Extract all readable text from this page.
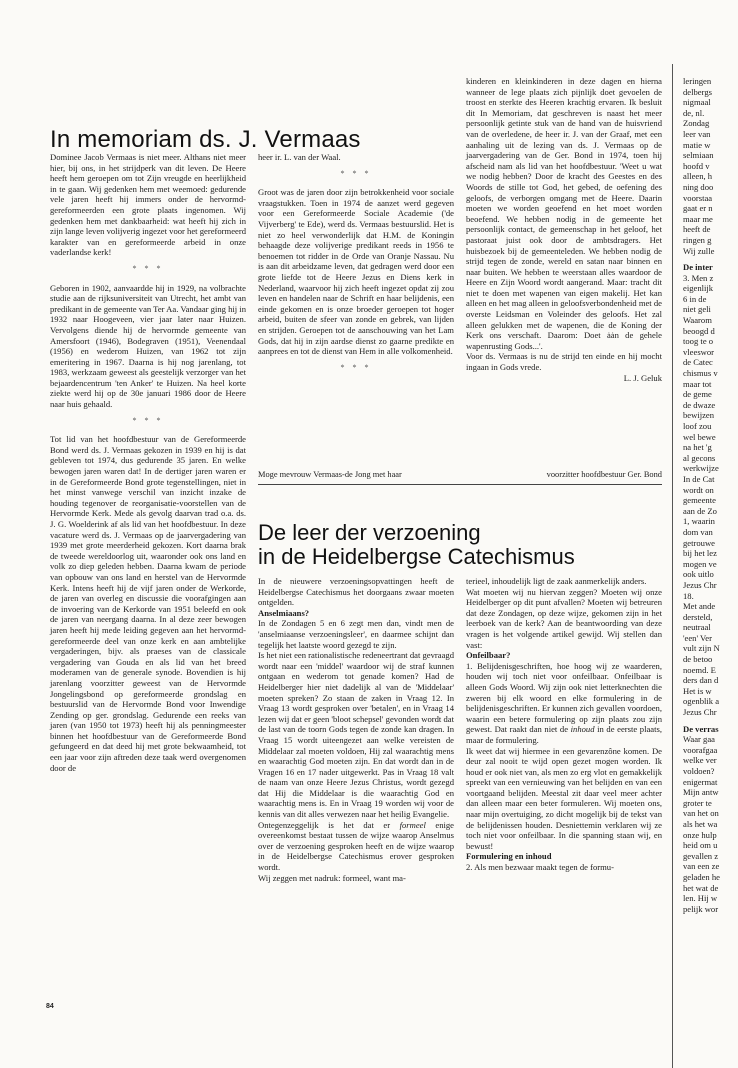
In memoriam ds. J. Vermaas

Dominee Jacob Vermaas is niet meer. Althans niet meer hier, bij ons, in het strijdperk van dit leven. De Heere heeft hem geroepen om tot Zijn vreugde en heerlijkheid in te gaan. Wij gedenken hem met weemoed: gedurende vele jaren heeft hij immers onder de hervormd-gereformeerden een grote plaats ingenomen. Wij gedenken hem met dankbaarheid: wat heeft hij zich in zijn lange leven volijverig ingezet voor het gereformeerd karakter van en gereformeerde arbeid in onze vaderlandse kerk!

* * *

Geboren in 1902, aanvaardde hij in 1929, na volbrachte studie aan de rijksuniversiteit van Utrecht, het ambt van predikant in de gemeente van Ter Aa. Vandaar ging hij in 1932 naar Hoogeveen, vier jaar later naar Huizen. Vervolgens diende hij de hervormde gemeente van Amersfoort (1946), Bodegraven (1951), Veenendaal (1956) en wederom Huizen, van 1962 tot zijn emeritering in 1967. Daarna is hij nog jarenlang, tot 1983, werkzaam geweest als geestelijk verzorger van het bejaardencentrum 'ten Anker' te Huizen. Na heel korte ziekte werd hij op de 30e januari 1986 door de Heere naar huis gehaald.

* * *

Tot lid van het hoofdbestuur van de Gereformeerde Bond werd ds. J. Vermaas gekozen in 1939 en hij is dat gebleven tot 1974, dus gedurende 35 jaren. En welke bewogen jaren waren dat! In de dertiger jaren waren er in de Gereformeerde Bond grote tegenstellingen, niet in het minst vanwege verschil van inzicht inzake de houding tegenover de reorganisatie-voorstellen van de Hervormde Kerk. Mede als gevolg daarvan trad o.a. ds. J. G. Woelderink af als lid van het hoofdbestuur. In deze vacature werd ds. J. Vermaas op de jaarvergadering van 1939 met grote meerderheid gekozen. Kort daarna brak de tweede wereldoorlog uit, waaronder ook ons land en volk zo diep geleden hebben. Daarna kwam de periode van opbouw van ons land en herstel van de Hervormde Kerk. Intens heeft hij de vijf jaren onder de Werkorde, de jaren van overleg en discussie die voorafgingen aan de invoering van de Kerkorde van 1951 beleefd en ook de jaren van neergang daarna. In al deze zeer bewogen jaren heeft hij mede leiding gegeven aan het hervormd-gereformeerde deel van onze kerk en aan ambtelijke vergaderingen, bijv. als praeses van de classicale vergadering van Gouda en als lid van het breed moderamen van de generale synode. Bovendien is hij jarenlang voorzitter geweest van de Hervormde Jongelingsbond op gereformeerde grondslag en bestuurslid van de Hervormde Bond voor Inwendige Zending op ger. grondslag. Gedurende een reeks van jaren (van 1950 tot 1973) heeft hij als penningmeester binnen het hoofdbestuur van de Gereformeerde Bond gefungeerd en dat deed hij met grote bekwaamheid, tot een jaar voor zijn aftreden deze taak werd overgenomen door de

heer ir. L. van der Waal.

* * *

Groot was de jaren door zijn betrokkenheid voor sociale vraagstukken. Toen in 1974 de aanzet werd gegeven voor een Gereformeerde Sociale Academie ('de Vijverberg' te Ede), werd ds. Vermaas bestuurslid. Het is niet zo heel verwonderlijk dat H.M. de Koningin behaagde deze volijverige predikant reeds in 1956 te benoemen tot ridder in de Orde van Oranje Nassau. Nu is aan dit arbeidzame leven, dat gedragen werd door een grote liefde tot de Heere Jezus en Diens kerk in Nederland, waarvoor hij zich heeft ingezet opdat zij zou leven en handelen naar de Schrift en haar belijdenis, een einde gekomen en is onze broeder geroepen tot hoger arbeid, buiten de sfeer van zonde en gebrek, van lijden en strijden. Geroepen tot de aanschouwing van het Lam Gods, dat hij in zijn aardse dienst zo gaarne predikte en aanprees en tot de dienst van Hem in alle volkomenheid.

* * *
Moge mevrouw Vermaas-de Jong met haar

kinderen en kleinkinderen in deze dagen en hierna wanneer de lege plaats zich pijnlijk doet gevoelen de troost en sterkte des Heeren krachtig ervaren. Ik besluit dit In Memoriam, dat geschreven is naast het meer persoonlijk getinte stuk van de hand van de huisvriend van de overledene, de heer ir. J. van der Graaf, met een aanhaling uit de lezing van ds. J. Vermaas op de jaarvergadering van de Ger. Bond in 1974, toen hij afscheid nam als lid van het hoofdbestuur. 'Weet u wat we nodig hebben? Door de kracht des Geestes en des Woords de stille tot God, het gebed, de oefening des geloofs, de verborgen omgang met de Heere. Daarin moeten we worden geoefend en het moet worden beoefend. We hebben nodig in de gemeente het persoonlijk contact, de gemeenschap in het geloof, het pastoraat juist ook door de ambtsdragers. Het huisbezoek bij de gemeenteleden. We hebben nodig de strijd tegen de zonde, wereld en satan naar binnen en naar buiten. We hebben te weerstaan alles waardoor de Heere en Zijn Woord wordt aangerand. Maar: tracht dit niet te doen met wapenen van eigen makelij. Het kan alleen en het mag alleen in geloofsverbondenheid met de overste Leidsman en Voleinder des geloofs. Het zal alleen gelukken met de wapenen, die de Koning der Kerk ons verschaft. Daarom: Doet ȧȧn de gehele wapenrusting Gods...'.

Voor ds. Vermaas is nu de strijd ten einde en hij mocht ingaan in Gods vrede.

L. J. Geluk

voorzitter hoofdbestuur Ger. Bond
De leer der verzoening
in de Heidelbergse Catechismus

In de nieuwere verzoeningsopvattingen heeft de Heidelbergse Catechismus het doorgaans zwaar moeten ontgelden.

Anselmiaans?

In de Zondagen 5 en 6 zegt men dan, vindt men de 'anselmiaanse verzoeningsleer', en daarmee schijnt dan tegelijk het laatste woord gezegd te zijn.

Is het niet een rationalistische redeneertrant dat gevraagd wordt naar een 'middel' waardoor wij de straf kunnen ontgaan en wederom tot genade komen? Had de Heidelberger hier niet dadelijk al van de 'Middelaar' moeten spreken? Zo staan de zaken in Vraag 12. In Vraag 13 wordt gesproken over 'betalen', en in Vraag 14 lezen wij dat er geen 'bloot schepsel' gevonden wordt dat de last van de toorn Gods tegen de zonde kan dragen. In Vraag 15 wordt uiteengezet aan welke vereisten de Middelaar zal moeten voldoen, Hij zal waarachtig mens en waarachtig God moeten zijn. En dat wordt dan in de Vragen 16 en 17 nader uitgewerkt. Pas in Vraag 18 valt de naam van onze Heere Jezus Christus, wordt gezegd dat Hij die Middelaar is die waarachtig God en waarachtig mens is. En in Vraag 19 worden wij voor de kennis van dit alles verwezen naar het heilig Evangelie.

Ontegenzeggelijk is het dat er formeel enige overeenkomst bestaat tussen de wijze waarop Anselmus over de verzoening gesproken heeft en de wijze waarop in de Heidelbergse Catechismus erover gesproken wordt.

Wij zeggen met nadruk: formeel, want ma-

terieel, inhoudelijk ligt de zaak aanmerkelijk anders.

Wat moeten wij nu hiervan zeggen? Moeten wij onze Heidelberger op dit punt afvallen? Moeten wij betreuren dat deze Zondagen, op deze wijze, gekomen zijn in het leerboek van de kerk? Aan de beantwoording van deze vragen is het volgende artikel gewijd. Wij stellen dan vast:

Onfeilbaar?

1. Belijdenisgeschriften, hoe hoog wij ze waarderen, houden wij toch niet voor onfeilbaar. Onfeilbaar is alleen Gods Woord. Wij zijn ook niet letterknechten die zweren bij elk woord en elke formulering in de belijdenisgeschriften. Er kunnen zich gevallen voordoen, waarin een betere formulering op zijn plaats zou zijn gewest. Dat raakt dan niet de inhoud in de eerste plaats, maar de formulering.

Ik weet dat wij hiermee in een gevarenzône komen. De deur zal nooit te wijd open gezet mogen worden. Ik houd er ook niet van, als men zo erg vlot en gemakkelijk spreekt van een vernieuwing van het belijden en van een voortgaand belijden. Meestal zit daar veel meer achter dan alleen maar een beter formuleren. Wij moeten ons, naar mijn overtuiging, zo dicht mogelijk bij de tekst van de belijdenissen houden. Desniettemin verklaren wij ze toch niet voor onfeilbaar. In die spanning staan wij, en bewust!

Formulering en inhoud

2. Als men bezwaar maakt tegen de formu-

leringen
delbergs
nigmaal
de, nl.
Zondag
leer van
matie w
selmiaan
hoofd v
alleen, h
ning doo
voorstaa
gaat er n
maar me
heeft de
ringen g
Wij zulle
De inter
3. Men z
eigenlijk
6 in de
niet geli
Waarom
beoogd d
toog te o
vleeswor
de Catec
chismus v
maar tot
de geme
de dwaze
bewijzen
loof zou
wel bewe
na het 'g
al gecons
werkwijze
In de Cat
wordt on
gemeente
aan de Zo
1, waarin
dom van
getrouwe
bij het lez
mogen ve
ook uitlo
Jezus Chr
18.
Met ande
dersteld,
neutraal
'een' Ver
vult zijn N
de betoo
noemd. E
ders dan d
Het is w
ogenblik a
Jezus Chr
De verras
Waar gaa
voorafgaa
welke ver
voldoen?
enigermat
Mijn antw
groter te
van het on
als het wa
onze hulp
heid om u
gevallen z
van een ze
geladen he
het wat de
len. Hij w
pelijk wor
84
